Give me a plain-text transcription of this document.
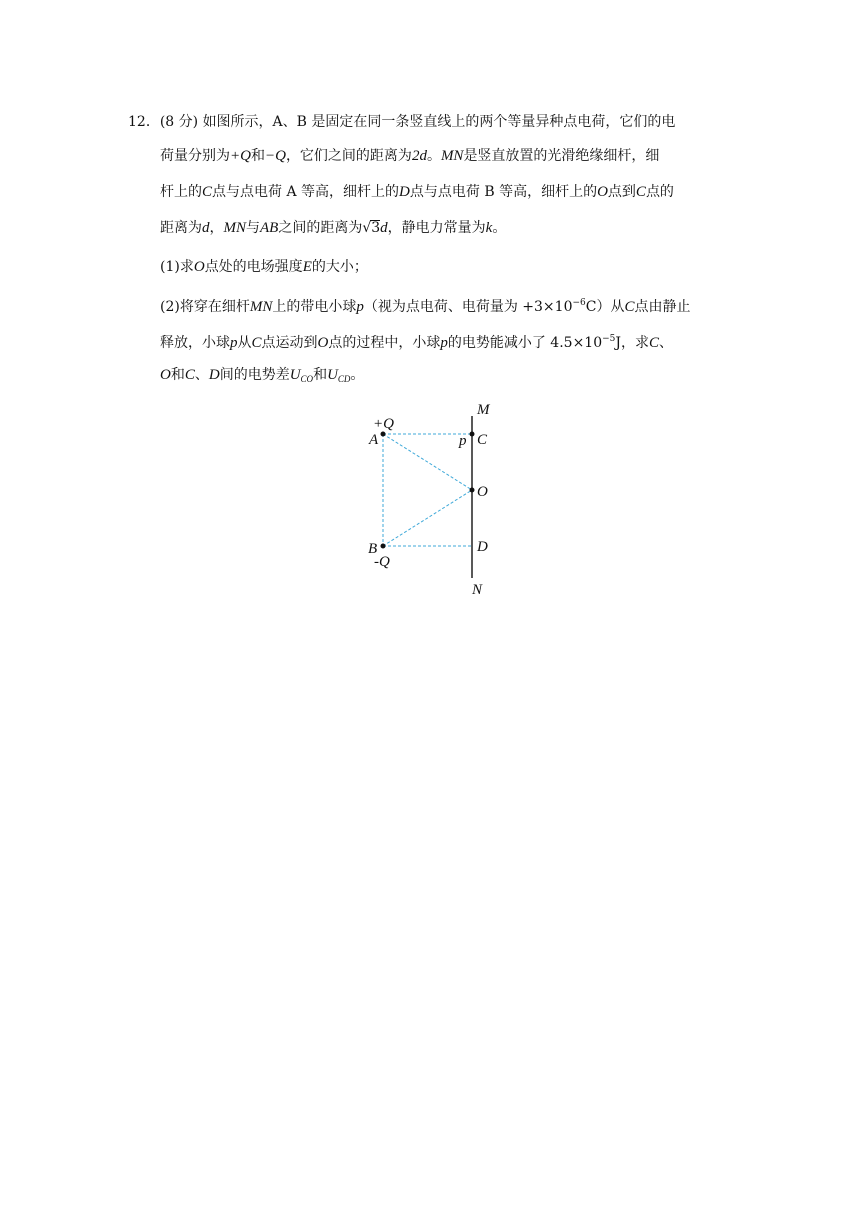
12．(8 分) 如图所示，A、B 是固定在同一条竖直线上的两个等量异种点电荷，它们的电
荷量分别为+Q和−Q，它们之间的距离为2d。MN是竖直放置的光滑绝缘细杆，细
杆上的C点与点电荷 A 等高，细杆上的D点与点电荷 B 等高，细杆上的O点到C点的
距离为d，MN与AB之间的距离为√3d，静电力常量为k。
(1)求O点处的电场强度E的大小；
(2)将穿在细杆MN上的带电小球p（视为点电荷、电荷量为 $+3\times 10^{-6}C$）从C点由静止
释放，小球p从C点运动到O点的过程中，小球p的电势能减小了 $4.5\times 10^{-5}J$，求C、
O和C、D间的电势差$U_{CO}$和$U_{CD}$。
M
N
A
+Q
B
-Q
p C
O
D
